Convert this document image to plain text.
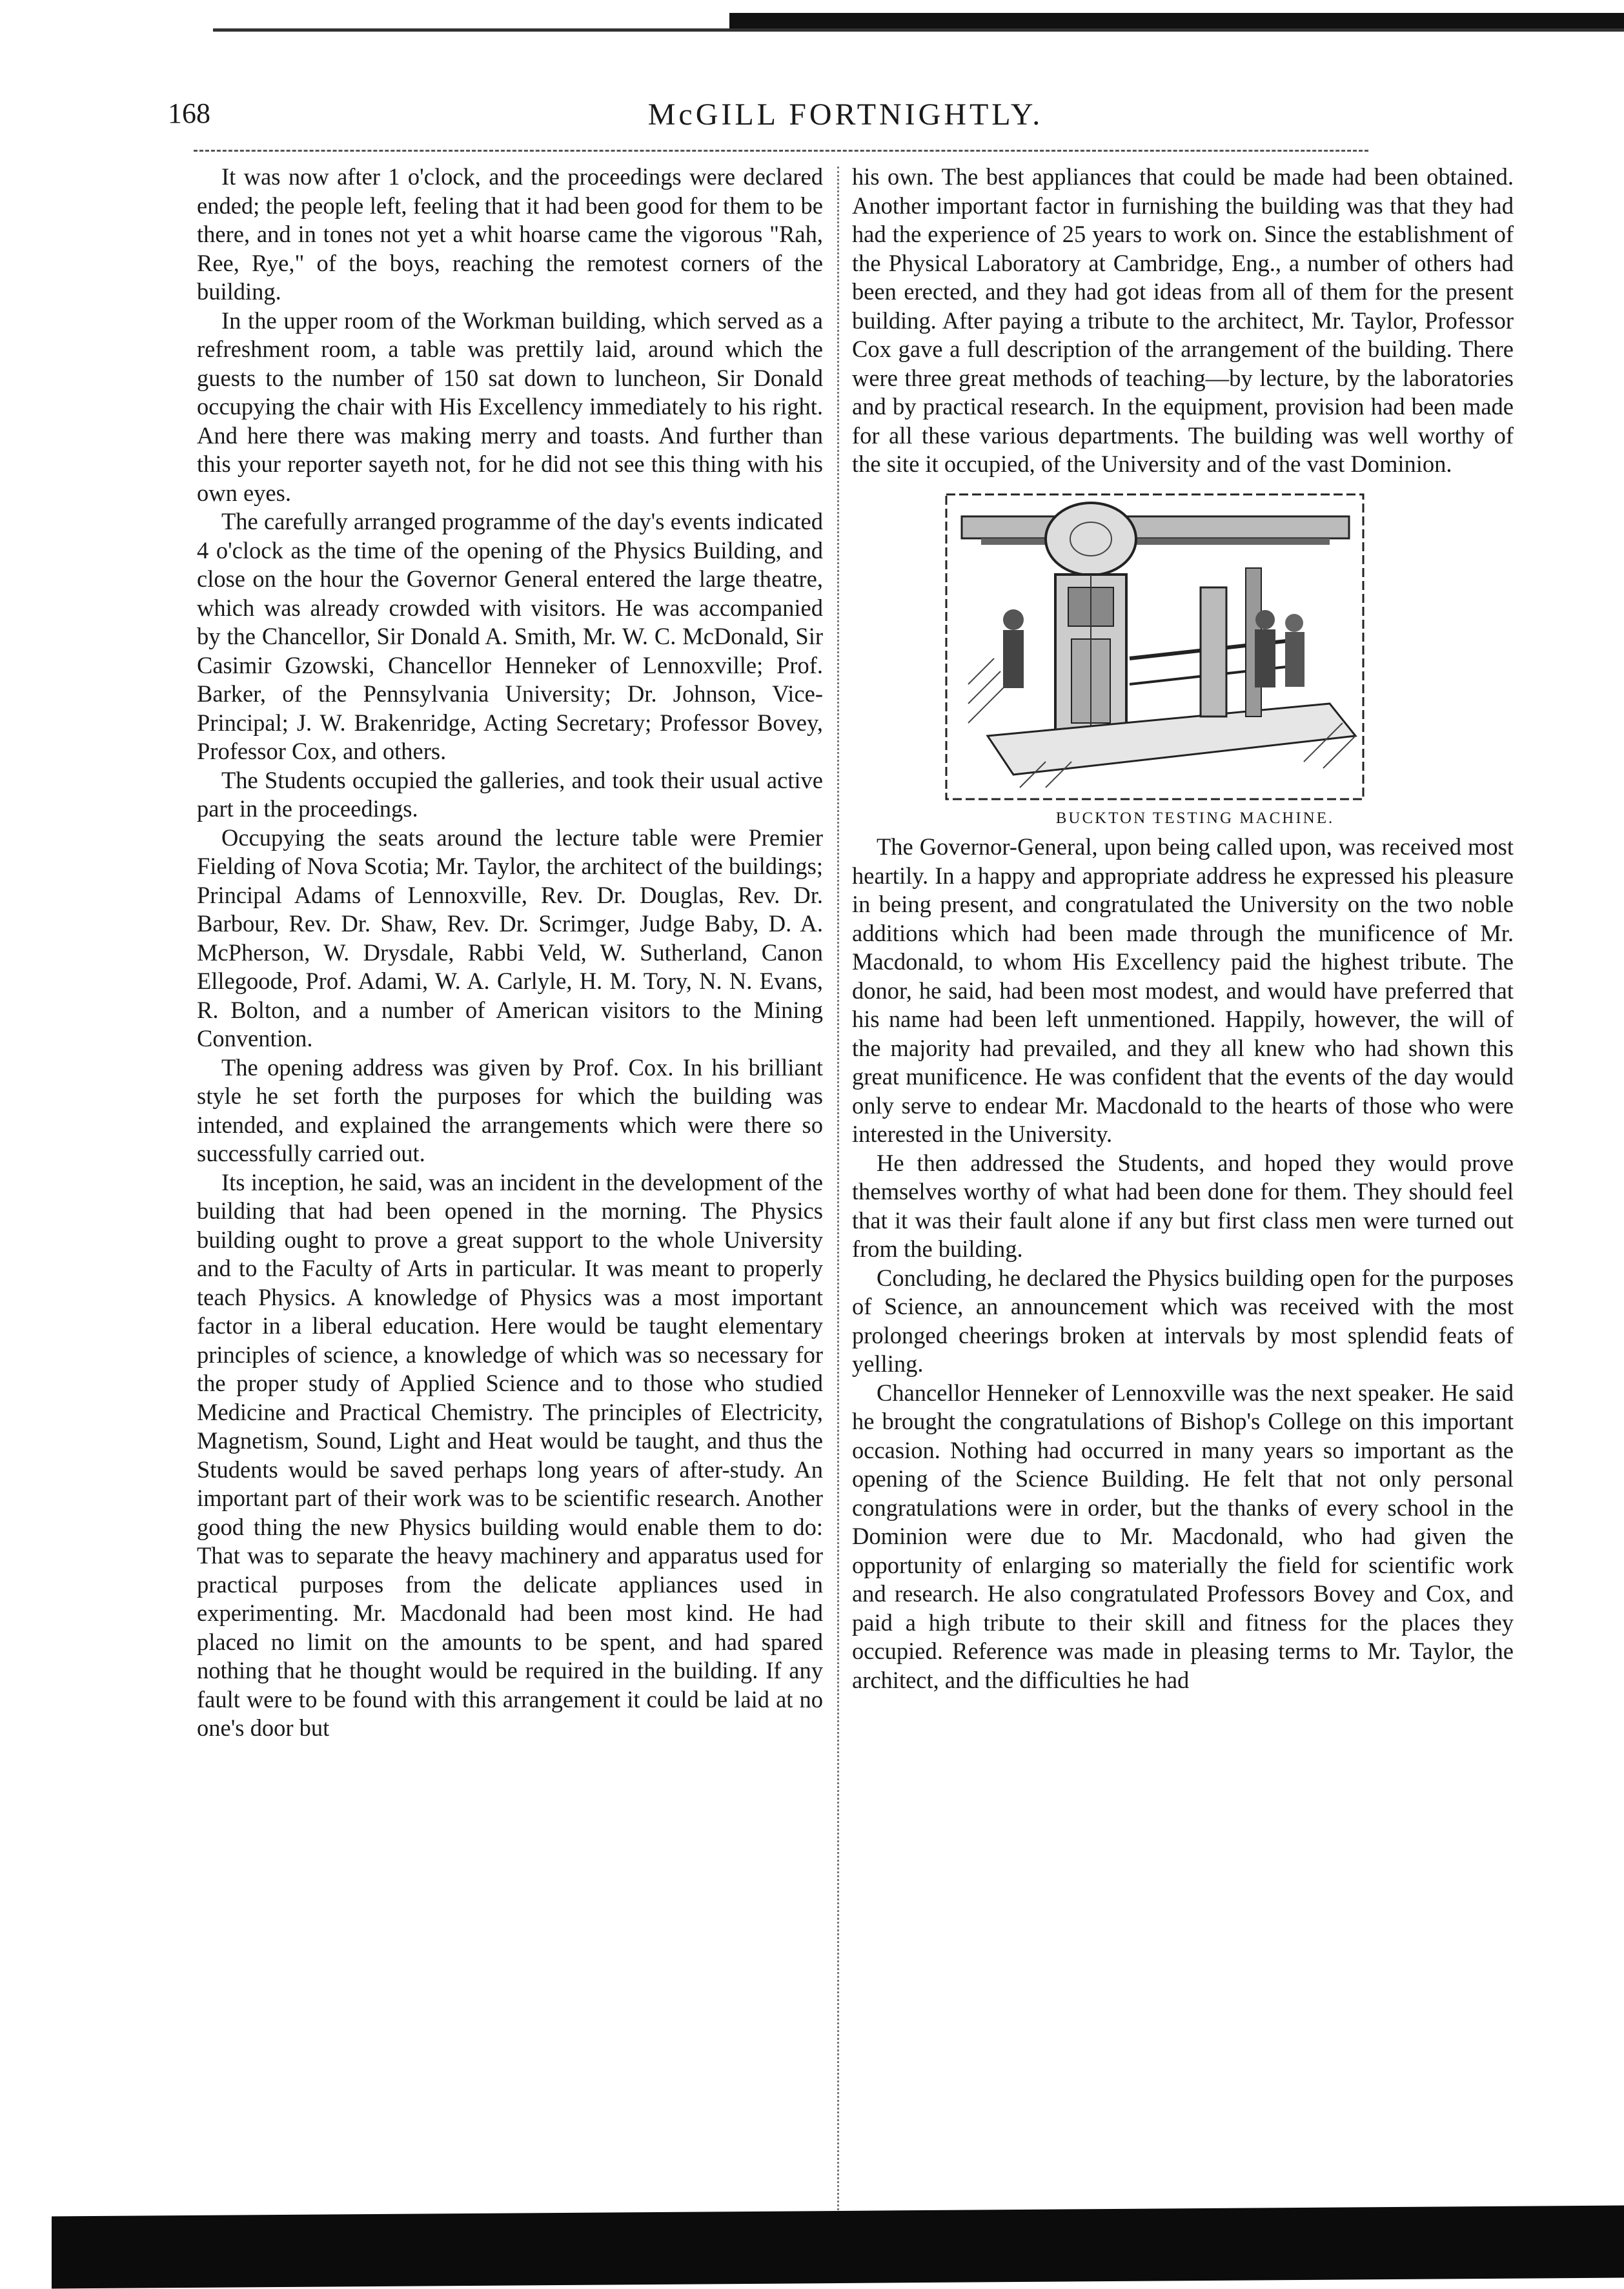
168	McGILL FORTNIGHTLY.

It was now after 1 o'clock, and the proceedings were declared ended; the people left, feeling that it had been good for them to be there, and in tones not yet a whit hoarse came the vigorous "Rah, Ree, Rye," of the boys, reaching the remotest corners of the building.

In the upper room of the Workman building, which served as a refreshment room, a table was prettily laid, around which the guests to the number of 150 sat down to luncheon, Sir Donald occupying the chair with His Excellency immediately to his right. And here there was making merry and toasts. And further than this your reporter sayeth not, for he did not see this thing with his own eyes.

The carefully arranged programme of the day's events indicated 4 o'clock as the time of the opening of the Physics Building, and close on the hour the Governor General entered the large theatre, which was already crowded with visitors. He was accompanied by the Chancellor, Sir Donald A. Smith, Mr. W. C. McDonald, Sir Casimir Gzowski, Chancellor Henneker of Lennoxville; Prof. Barker, of the Pennsylvania University; Dr. Johnson, Vice-Principal; J. W. Brakenridge, Acting Secretary; Professor Bovey, Professor Cox, and others.

The Students occupied the galleries, and took their usual active part in the proceedings.

Occupying the seats around the lecture table were Premier Fielding of Nova Scotia; Mr. Taylor, the architect of the buildings; Principal Adams of Lennoxville, Rev. Dr. Douglas, Rev. Dr. Barbour, Rev. Dr. Shaw, Rev. Dr. Scrimger, Judge Baby, D. A. McPherson, W. Drysdale, Rabbi Veld, W. Sutherland, Canon Ellegoode, Prof. Adami, W. A. Carlyle, H. M. Tory, N. N. Evans, R. Bolton, and a number of American visitors to the Mining Convention.

The opening address was given by Prof. Cox. In his brilliant style he set forth the purposes for which the building was intended, and explained the arrangements which were there so successfully carried out.

Its inception, he said, was an incident in the development of the building that had been opened in the morning. The Physics building ought to prove a great support to the whole University and to the Faculty of Arts in particular. It was meant to properly teach Physics. A knowledge of Physics was a most important factor in a liberal education. Here would be taught elementary principles of science, a knowledge of which was so necessary for the proper study of Applied Science and to those who studied Medicine and Practical Chemistry. The principles of Electricity, Magnetism, Sound, Light and Heat would be taught, and thus the Students would be saved perhaps long years of after-study. An important part of their work was to be scientific research. Another good thing the new Physics building would enable them to do: That was to separate the heavy machinery and apparatus used for practical purposes from the delicate appliances used in experimenting. Mr. Macdonald had been most kind. He had placed no limit on the amounts to be spent, and had spared nothing that he thought would be required in the building. If any fault were to be found with this arrangement it could be laid at no one's door but

his own. The best appliances that could be made had been obtained. Another important factor in furnishing the building was that they had had the experience of 25 years to work on. Since the establishment of the Physical Laboratory at Cambridge, Eng., a number of others had been erected, and they had got ideas from all of them for the present building. After paying a tribute to the architect, Mr. Taylor, Professor Cox gave a full description of the arrangement of the building. There were three great methods of teaching—by lecture, by the laboratories and by practical research. In the equipment, provision had been made for all these various departments. The building was well worthy of the site it occupied, of the University and of the vast Dominion.

BUCKTON TESTING MACHINE.

The Governor-General, upon being called upon, was received most heartily. In a happy and appropriate address he expressed his pleasure in being present, and congratulated the University on the two noble additions which had been made through the munificence of Mr. Macdonald, to whom His Excellency paid the highest tribute. The donor, he said, had been most modest, and would have preferred that his name had been left unmentioned. Happily, however, the will of the majority had prevailed, and they all knew who had shown this great munificence. He was confident that the events of the day would only serve to endear Mr. Macdonald to the hearts of those who were interested in the University.

He then addressed the Students, and hoped they would prove themselves worthy of what had been done for them. They should feel that it was their fault alone if any but first class men were turned out from the building.

Concluding, he declared the Physics building open for the purposes of Science, an announcement which was received with the most prolonged cheerings broken at intervals by most splendid feats of yelling.

Chancellor Henneker of Lennoxville was the next speaker. He said he brought the congratulations of Bishop's College on this important occasion. Nothing had occurred in many years so important as the opening of the Science Building. He felt that not only personal congratulations were in order, but the thanks of every school in the Dominion were due to Mr. Macdonald, who had given the opportunity of enlarging so materially the field for scientific work and research. He also congratulated Professors Bovey and Cox, and paid a high tribute to their skill and fitness for the places they occupied. Reference was made in pleasing terms to Mr. Taylor, the architect, and the difficulties he had
